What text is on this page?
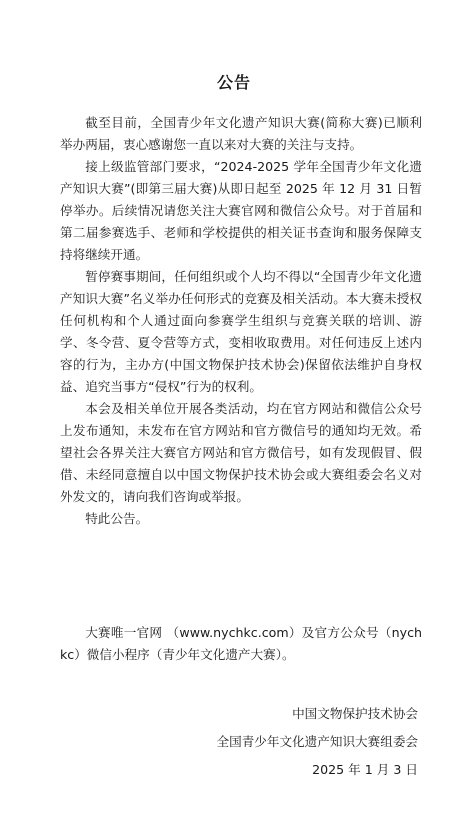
公告

截至目前，全国青少年文化遗产知识大赛(简称大赛)已顺利举办两届，衷心感谢您一直以来对大赛的关注与支持。

接上级监管部门要求，“2024-2025 学年全国青少年文化遗产知识大赛”(即第三届大赛)从即日起至 2025 年 12 月 31 日暂停举办。后续情况请您关注大赛官网和微信公众号。对于首届和第二届参赛选手、老师和学校提供的相关证书查询和服务保障支持将继续开通。

暂停赛事期间，任何组织或个人均不得以“全国青少年文化遗产知识大赛”名义举办任何形式的竞赛及相关活动。本大赛未授权任何机构和个人通过面向参赛学生组织与竞赛关联的培训、游学、冬令营、夏令营等方式，变相收取费用。对任何违反上述内容的行为，主办方(中国文物保护技术协会)保留依法维护自身权益、追究当事方“侵权”行为的权利。

本会及相关单位开展各类活动，均在官方网站和微信公众号上发布通知，未发布在官方网站和官方微信号的通知均无效。希望社会各界关注大赛官方网站和官方微信号，如有发现假冒、假借、未经同意擅自以中国文物保护技术协会或大赛组委会名义对外发文的，请向我们咨询或举报。

特此公告。

大赛唯一官网 （www.nychkc.com）及官方公众号（nychkc）微信小程序（青少年文化遗产大赛）。

中国文物保护技术协会
全国青少年文化遗产知识大赛组委会
2025 年 1 月 3 日
